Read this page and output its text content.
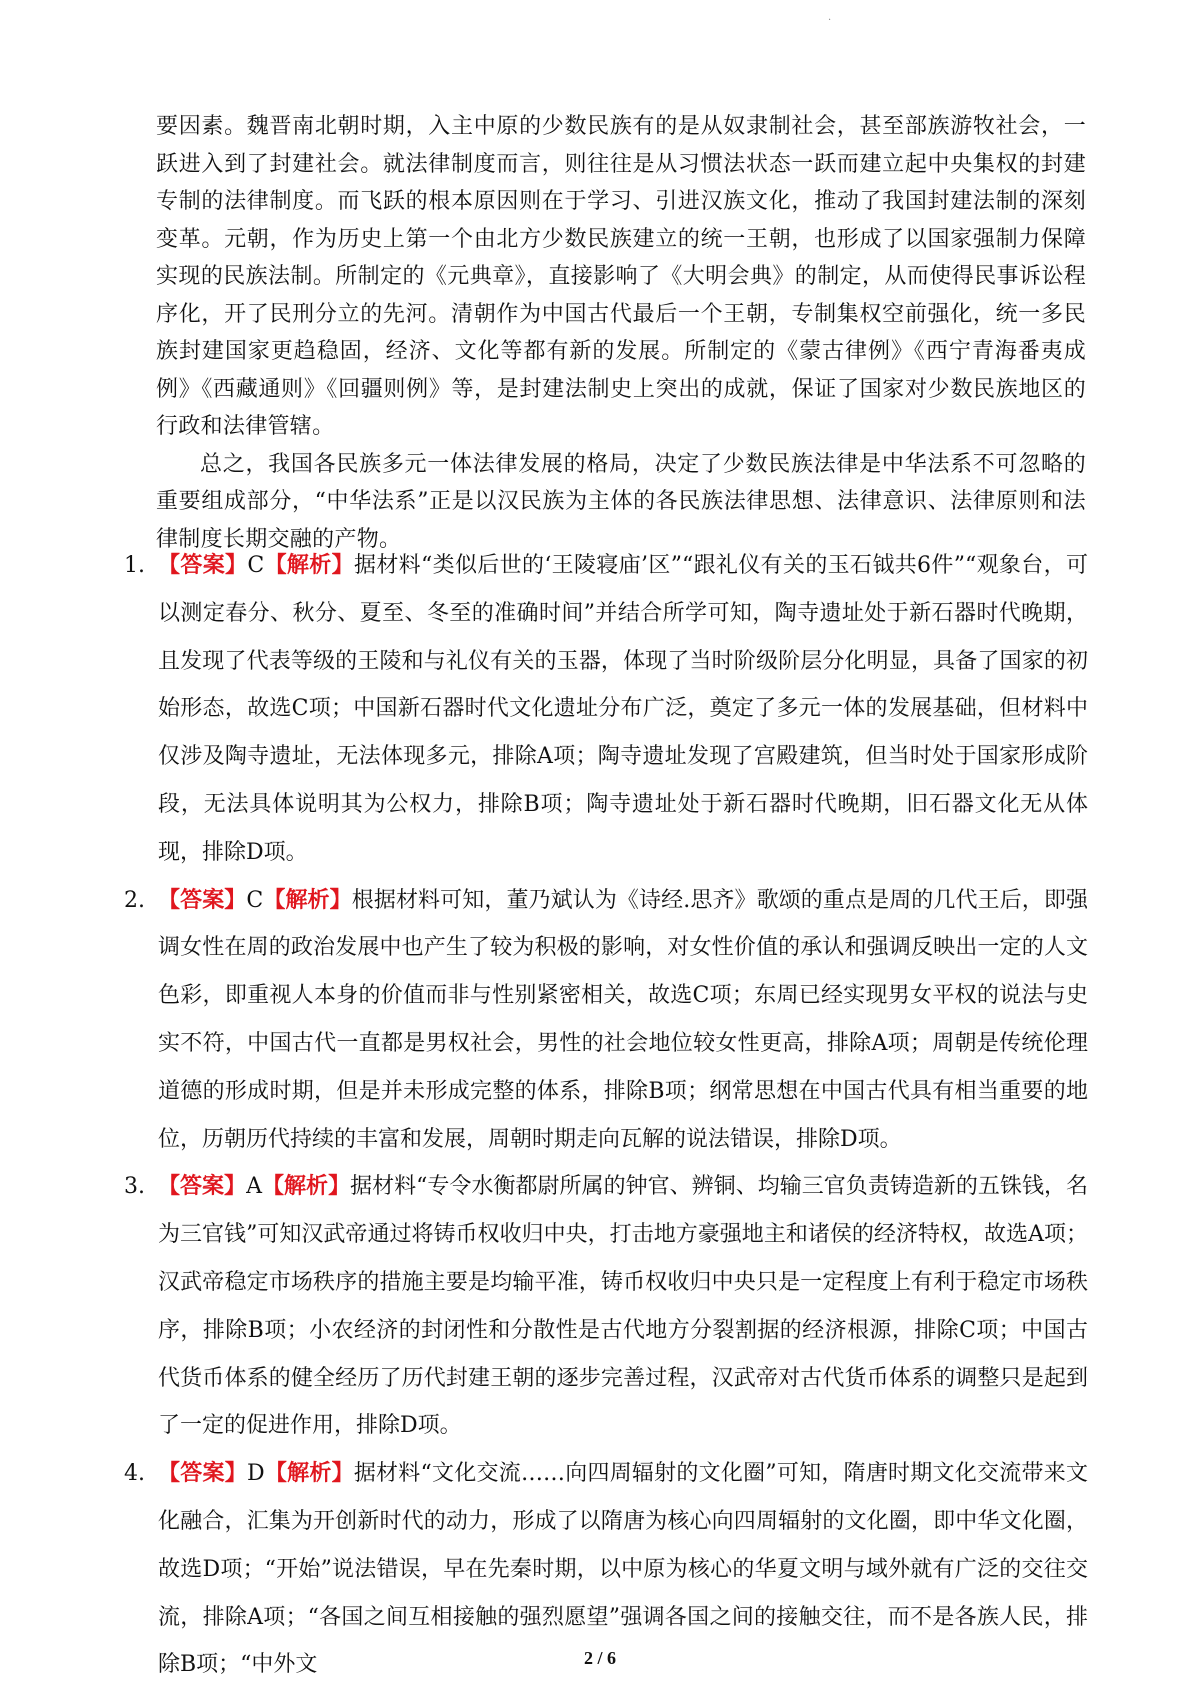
.

要因素。魏晋南北朝时期，入主中原的少数民族有的是从奴隶制社会，甚至部族游牧社会，一跃进入到了封建社会。就法律制度而言，则往往是从习惯法状态一跃而建立起中央集权的封建专制的法律制度。而飞跃的根本原因则在于学习、引进汉族文化，推动了我国封建法制的深刻变革。元朝，作为历史上第一个由北方少数民族建立的统一王朝，也形成了以国家强制力保障实现的民族法制。所制定的《元典章》，直接影响了《大明会典》的制定，从而使得民事诉讼程序化，开了民刑分立的先河。清朝作为中国古代最后一个王朝，专制集权空前强化，统一多民族封建国家更趋稳固，经济、文化等都有新的发展。所制定的《蒙古律例》《西宁青海番夷成例》《西藏通则》《回疆则例》等，是封建法制史上突出的成就，保证了国家对少数民族地区的行政和法律管辖。

总之，我国各民族多元一体法律发展的格局，决定了少数民族法律是中华法系不可忽略的重要组成部分，“中华法系”正是以汉民族为主体的各民族法律思想、法律意识、法律原则和法律制度长期交融的产物。

1. 【答案】C【解析】据材料“类似后世的‘王陵寝庙’区”“跟礼仪有关的玉石钺共6件”“观象台，可以测定春分、秋分、夏至、冬至的准确时间”并结合所学可知，陶寺遗址处于新石器时代晚期，且发现了代表等级的王陵和与礼仪有关的玉器，体现了当时阶级阶层分化明显，具备了国家的初始形态，故选C项；中国新石器时代文化遗址分布广泛，奠定了多元一体的发展基础，但材料中仅涉及陶寺遗址，无法体现多元，排除A项；陶寺遗址发现了宫殿建筑，但当时处于国家形成阶段，无法具体说明其为公权力，排除B项；陶寺遗址处于新石器时代晚期，旧石器文化无从体现，排除D项。
2. 【答案】C【解析】根据材料可知，董乃斌认为《诗经.思齐》歌颂的重点是周的几代王后，即强调女性在周的政治发展中也产生了较为积极的影响，对女性价值的承认和强调反映出一定的人文色彩，即重视人本身的价值而非与性别紧密相关，故选C项；东周已经实现男女平权的说法与史实不符，中国古代一直都是男权社会，男性的社会地位较女性更高，排除A项；周朝是传统伦理道德的形成时期，但是并未形成完整的体系，排除B项；纲常思想在中国古代具有相当重要的地位，历朝历代持续的丰富和发展，周朝时期走向瓦解的说法错误，排除D项。
3. 【答案】A【解析】据材料“专令水衡都尉所属的钟官、辨铜、均输三官负责铸造新的五铢钱，名为三官钱”可知汉武帝通过将铸币权收归中央，打击地方豪强地主和诸侯的经济特权，故选A项；汉武帝稳定市场秩序的措施主要是均输平准，铸币权收归中央只是一定程度上有利于稳定市场秩序，排除B项；小农经济的封闭性和分散性是古代地方分裂割据的经济根源，排除C项；中国古代货币体系的健全经历了历代封建王朝的逐步完善过程，汉武帝对古代货币体系的调整只是起到了一定的促进作用，排除D项。
4. 【答案】D【解析】据材料“文化交流……向四周辐射的文化圈”可知，隋唐时期文化交流带来文化融合，汇集为开创新时代的动力，形成了以隋唐为核心向四周辐射的文化圈，即中华文化圈，故选D项；“开始”说法错误，早在先秦时期，以中原为核心的华夏文明与域外就有广泛的交往交流，排除A项；“各国之间互相接触的强烈愿望”强调各国之间的接触交往，而不是各族人民，排除B项；“中外文	2 / 6
